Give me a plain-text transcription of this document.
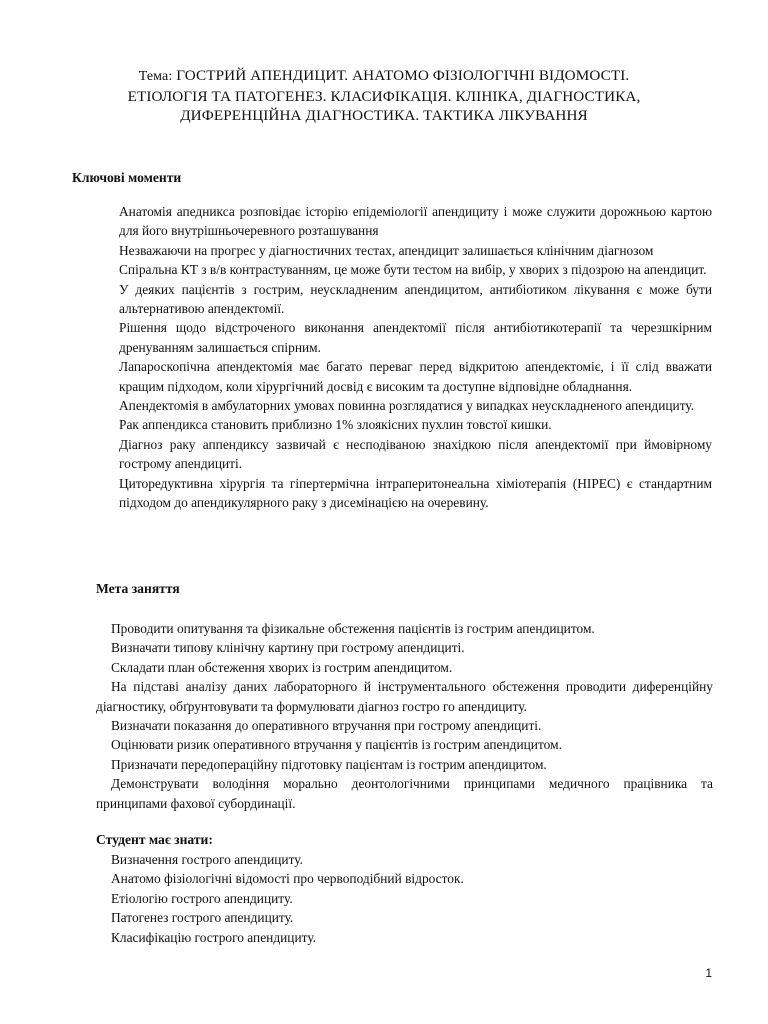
Тема: ГОСТРИЙ АПЕНДИЦИТ. АНАТОМО ФІЗІОЛОГІЧНІ ВІДОМОСТІ.
ЕТІОЛОГІЯ ТА ПАТОГЕНЕЗ. КЛАСИФІКАЦІЯ. КЛІНІКА, ДІАГНОСТИКА,
ДИФЕРЕНЦІЙНА ДІАГНОСТИКА. ТАКТИКА ЛІКУВАННЯ
Ключові моменти

Анатомія апедникса розповідає історію епідеміології апендициту і може служити дорожньою картою для його внутрішньочеревного розташування

Незважаючи на прогрес у діагностичних тестах, апендицит залишається клінічним діагнозом

Спіральна КТ з в/в контрастуванням, це може бути тестом на вибір, у хворих з підозрою на апендицит.

У деяких пацієнтів з гострим, неускладненим апендицитом, антибіотиком лікування є може бути альтернативою апендектомії.

Рішення щодо відстроченого виконання апендектомії після антибіотикотерапії та черезшкірним дренуванням залишається спірним.

Лапароскопічна апендектомія має багато переваг перед відкритою апендектоміє, і її слід вважати кращим підходом, коли хірургічний досвід є високим та доступне відповідне обладнання.

Апендектомія в амбулаторних умовах повинна розглядатися у випадках неускладненого апендициту.

Рак аппендикса становить приблизно 1% злоякісних пухлин товстої кишки.

Діагноз раку аппендиксу зазвичай є несподіваною знахідкою після апендектомії при ймовірному гострому апендициті.

Циторедуктивна хірургія та гіпертермічна інтраперитонеальна хіміотерапія (HIPEC) є стандартним підходом до апендикулярного раку з дисемінацією на очеревину.

Мета заняття

Проводити опитування та фізикальне обстеження пацієнтів із гострим апендицитом.

Визначати типову клінічну картину при гострому апендициті.

Складати план обстеження хворих із гострим апендицитом.

На підставі аналізу даних лабораторного й інструментального обстеження проводити диференційну діагностику, обґрунтовувати та формулювати діагноз гостро го апендициту.

Визначати показання до оперативного втручання при гострому апендициті.

Оцінювати ризик оперативного втручання у пацієнтів із гострим апендицитом.

Призначати передопераційну підготовку пацієнтам із гострим апендицитом.

Демонструвати володіння морально деонтологічними принципами медичного працівника та принципами фахової субординації.

Студент має знати:

Визначення гострого апендициту.

Анатомо фізіологічні відомості про червоподібний відросток.

Етіологію гострого апендициту.

Патогенез гострого апендициту.

Класифікацію гострого апендициту.

1
